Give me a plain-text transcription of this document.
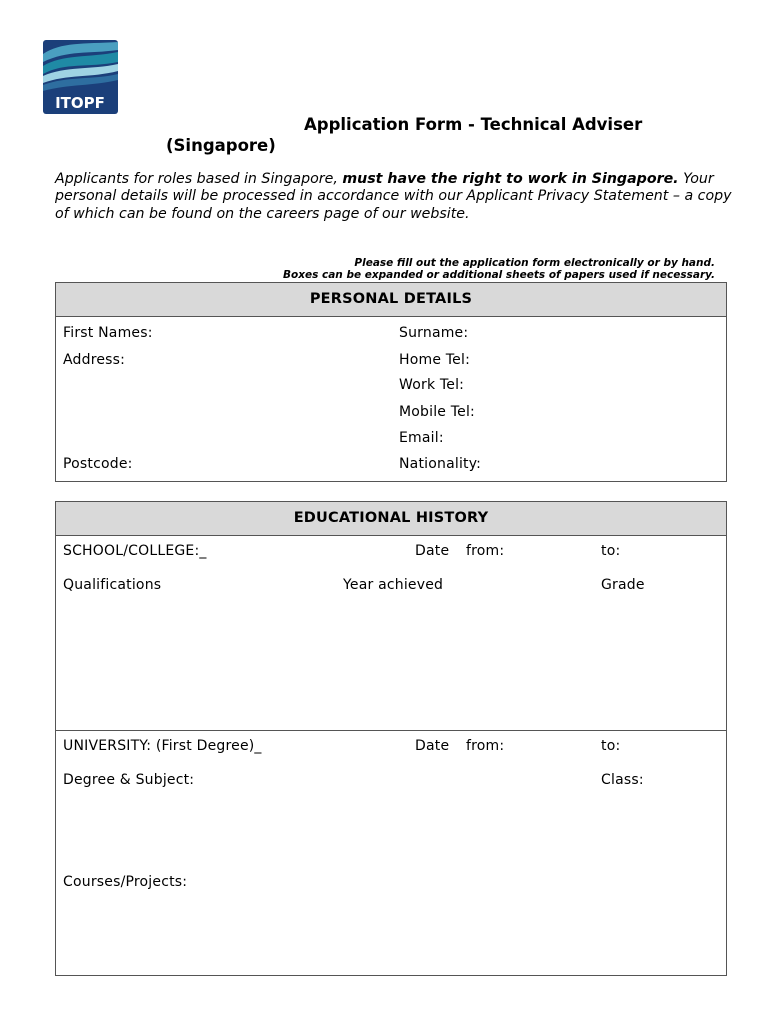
ITOPF
Application Form - Technical Adviser
(Singapore)
Applicants for roles based in Singapore, must have the right to work in Singapore. Your personal details will be processed in accordance with our Applicant Privacy Statement – a copy of which can be found on the careers page of our website.
Please fill out the application form electronically or by hand.
Boxes can be expanded or additional sheets of papers used if necessary.
PERSONAL DETAILS
First Names:	Surname:
Address:	Home Tel:
Work Tel:
Mobile Tel:
Email:
Postcode:	Nationality:
EDUCATIONAL HISTORY
SCHOOL/COLLEGE:_	Date from:	to:
Qualifications	Year achieved	Grade
UNIVERSITY: (First Degree)_	Date from:	to:
Degree & Subject:	Class:
Courses/Projects:
